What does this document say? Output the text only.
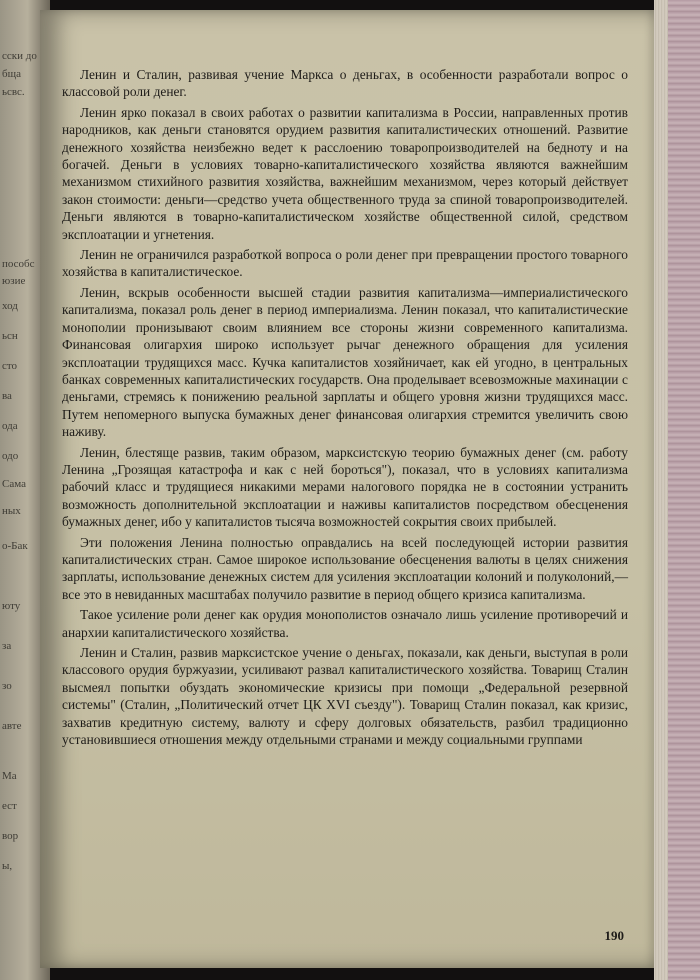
сски до
бща
ьсвс.
пособс
юзие
ход
ьсн
сто
ва
ода
одо
Сама
ных
о-Бак
юту
за
зо
авте
Ма
ест
вор
ы,

Ленин и Сталин, развивая учение Маркса о деньгах, в особенности разработали вопрос о классовой роли денег.

Ленин ярко показал в своих работах о развитии капитализма в России, направленных против народников, как деньги становятся орудием развития капиталистических отношений. Развитие денежного хозяйства неизбежно ведет к расслоению товаропроизводителей на бедноту и на богачей. Деньги в условиях товарно-капиталистического хозяйства являются важнейшим механизмом стихийного развития хозяйства, важнейшим механизмом, через который действует закон стоимости: деньги—средство учета общественного труда за спиной товаропроизводителей. Деньги являются в товарно-капиталистическом хозяйстве общественной силой, средством эксплоатации и угнетения.

Ленин не ограничился разработкой вопроса о роли денег при превращении простого товарного хозяйства в капиталистическое.

Ленин, вскрыв особенности высшей стадии развития капитализма—империалистического капитализма, показал роль денег в период империализма. Ленин показал, что капиталистические монополии пронизывают своим влиянием все стороны жизни современного капитализма. Финансовая олигархия широко использует рычаг денежного обращения для усиления эксплоатации трудящихся масс. Кучка капиталистов хозяйничает, как ей угодно, в центральных банках современных капиталистических государств. Она проделывает всевозможные махинации с деньгами, стремясь к понижению реальной зарплаты и общего уровня жизни трудящихся масс. Путем непомерного выпуска бумажных денег финансовая олигархия стремится увеличить свою наживу.

Ленин, блестяще развив, таким образом, марксистскую теорию бумажных денег (см. работу Ленина „Грозящая катастрофа и как с ней бороться"), показал, что в условиях капитализма рабочий класс и трудящиеся никакими мерами налогового порядка не в состоянии устранить возможность дополнительной эксплоатации и наживы капиталистов посредством обесценения бумажных денег, ибо у капиталистов тысяча возможностей сокрытия своих прибылей.

Эти положения Ленина полностью оправдались на всей последующей истории развития капиталистических стран. Самое широкое использование обесценения валюты в целях снижения зарплаты, использование денежных систем для усиления эксплоатации колоний и полуколоний,—все это в невиданных масштабах получило развитие в период общего кризиса капитализма.

Такое усиление роли денег как орудия монополистов означало лишь усиление противоречий и анархии капиталистического хозяйства.

Ленин и Сталин, развив марксистское учение о деньгах, показали, как деньги, выступая в роли классового орудия буржуазии, усиливают развал капиталистического хозяйства. Товарищ Сталин высмеял попытки обуздать экономические кризисы при помощи „Федеральной резервной системы" (Сталин, „Политический отчет ЦК XVI съезду"). Товарищ Сталин показал, как кризис, захватив кредитную систему, валюту и сферу долговых обязательств, разбил традиционно установившиеся отношения между отдельными странами и между социальными группами

190
